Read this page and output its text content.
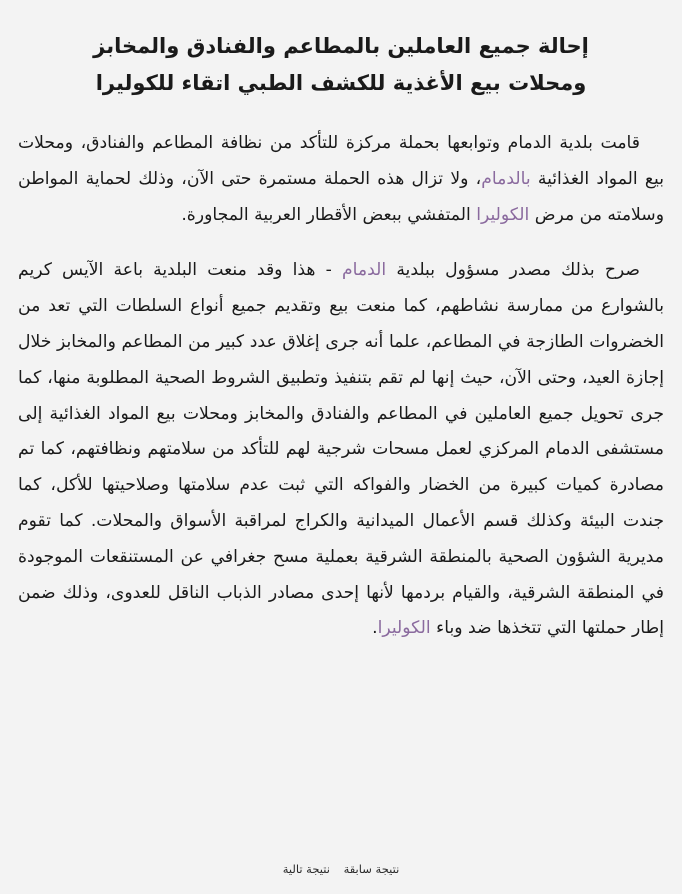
إحالة جميع العاملين بالمطاعم والفنادق والمخابز
ومحلات بيع الأغذية للكشف الطبي اتقاء للكوليرا

قامت بلدية الدمام وتوابعها بحملة مركزة للتأكد من نظافة المطاعم والفنادق، ومحلات بيع المواد الغذائية بالدمام، ولا تزال هذه الحملة مستمرة حتى الآن، وذلك لحماية المواطن وسلامته من مرض الكوليرا المتفشي ببعض الأقطار العربية المجاورة.

صرح بذلك مصدر مسؤول ببلدية الدمام - هذا وقد منعت البلدية باعة الآيس كريم بالشوارع من ممارسة نشاطهم، كما منعت بيع وتقديم جميع أنواع السلطات التي تعد من الخضروات الطازجة في المطاعم، علما أنه جرى إغلاق عدد كبير من المطاعم والمخابز خلال إجازة العيد، وحتى الآن، حيث إنها لم تقم بتنفيذ وتطبيق الشروط الصحية المطلوبة منها، كما جرى تحويل جميع العاملين في المطاعم والفنادق والمخابز ومحلات بيع المواد الغذائية إلى مستشفى الدمام المركزي لعمل مسحات شرجية لهم للتأكد من سلامتهم ونظافتهم، كما تم مصادرة كميات كبيرة من الخضار والفواكه التي ثبت عدم سلامتها وصلاحيتها للأكل، كما جندت البيئة وكذلك قسم الأعمال الميدانية والكراج لمراقبة الأسواق والمحلات. كما تقوم مديرية الشؤون الصحية بالمنطقة الشرقية بعملية مسح جغرافي عن المستنقعات الموجودة في المنطقة الشرقية، والقيام بردمها لأنها إحدى مصادر الذباب الناقل للعدوى، وذلك ضمن إطار حملتها التي تتخذها ضد وباء الكوليرا.

نتيجة سابقة نتيجة تالية
